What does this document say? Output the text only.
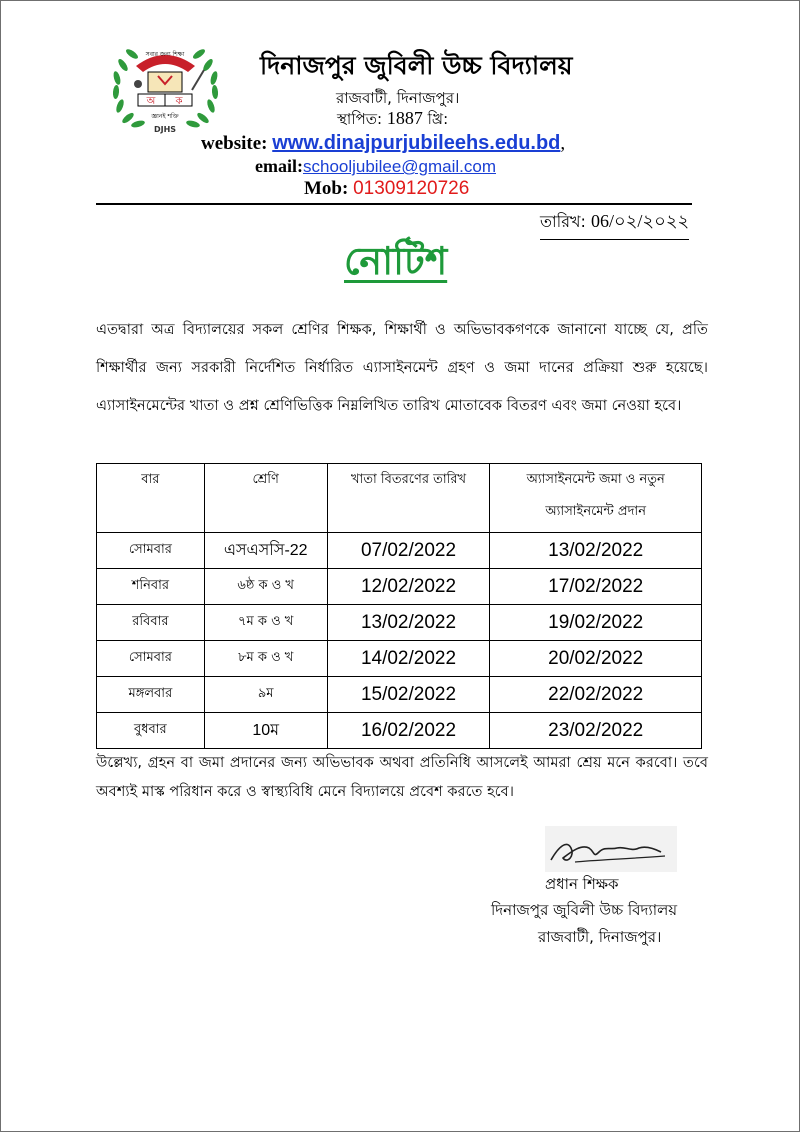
সবার জন্য শিক্ষা
অ ক
জ্ঞানই শক্তি
DJHS
দিনাজপুর জুবিলী উচ্চ বিদ্যালয়
রাজবাটী, দিনাজপুর।
স্থাপিত: 1887 খ্রি:
website: www.dinajpurjubileehs.edu.bd,
email:schooljubilee@gmail.com
Mob: 01309120726
তারিখ: 06/০২/২০২২
নোটিশ

এতদ্বারা অত্র বিদ্যালয়ের সকল শ্রেণির শিক্ষক, শিক্ষার্থী ও অভিভাবকগণকে জানানো যাচ্ছে যে, প্রতি শিক্ষার্থীর জন্য সরকারী নির্দেশিত নির্ধারিত এ্যাসাইনমেন্ট গ্রহণ ও জমা দানের প্রক্রিয়া শুরু হয়েছে। এ্যাসাইনমেন্টের খাতা ও প্রশ্ন শ্রেণিভিত্তিক নিম্নলিখিত তারিখ মোতাবেক বিতরণ এবং জমা নেওয়া হবে।

বার	শ্রেণি	খাতা বিতরণের তারিখ	অ্যাসাইনমেন্ট জমা ও নতুন
অ্যাসাইনমেন্ট প্রদান

সোমবার	এসএসসি-22	07/02/2022	13/02/2022
শনিবার	৬ষ্ঠ ক ও খ	12/02/2022	17/02/2022
রবিবার	৭ম ক ও খ	13/02/2022	19/02/2022
সোমবার	৮ম ক ও খ	14/02/2022	20/02/2022
মঙ্গলবার	৯ম	15/02/2022	22/02/2022
বুধবার	10ম	16/02/2022	23/02/2022

উল্লেখ্য, গ্রহন বা জমা প্রদানের জন্য অভিভাবক অথবা প্রতিনিধি আসলেই আমরা শ্রেয় মনে করবো। তবে অবশ্যই মাস্ক পরিধান করে ও স্বাস্থ্যবিধি মেনে বিদ্যালয়ে প্রবেশ করতে হবে।

প্রধান শিক্ষক
দিনাজপুর জুবিলী উচ্চ বিদ্যালয়
রাজবাটী, দিনাজপুর।
